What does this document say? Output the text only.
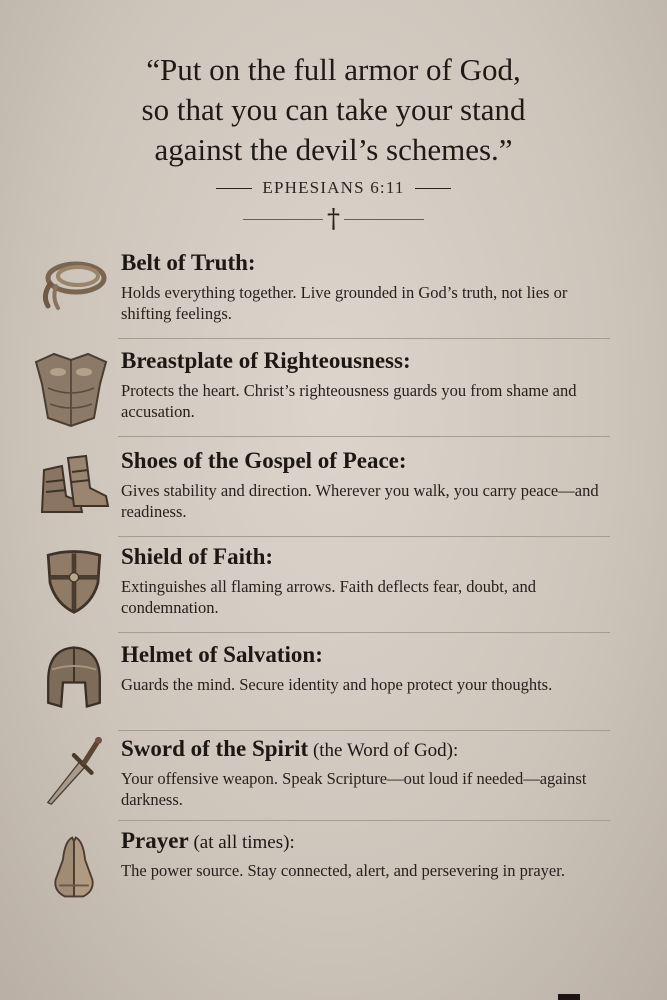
“Put on the full armor of God,
so that you can take your stand
against the devil’s schemes.”
EPHESIANS 6:11
†
Belt of Truth:
Holds everything together. Live grounded in God’s truth, not lies or shifting feelings.
Breastplate of Righteousness:
Protects the heart. Christ’s righteousness guards you from shame and accusation.
Shoes of the Gospel of Peace:
Gives stability and direction. Wherever you walk, you carry peace—and readiness.
Shield of Faith:
Extinguishes all flaming arrows. Faith deflects fear, doubt, and condemnation.
Helmet of Salvation:
Guards the mind. Secure identity and hope protect your thoughts.
Sword of the Spirit (the Word of God):
Your offensive weapon. Speak Scripture—out loud if needed—against darkness.
Prayer (at all times):
The power source. Stay connected, alert, and persevering in prayer.
